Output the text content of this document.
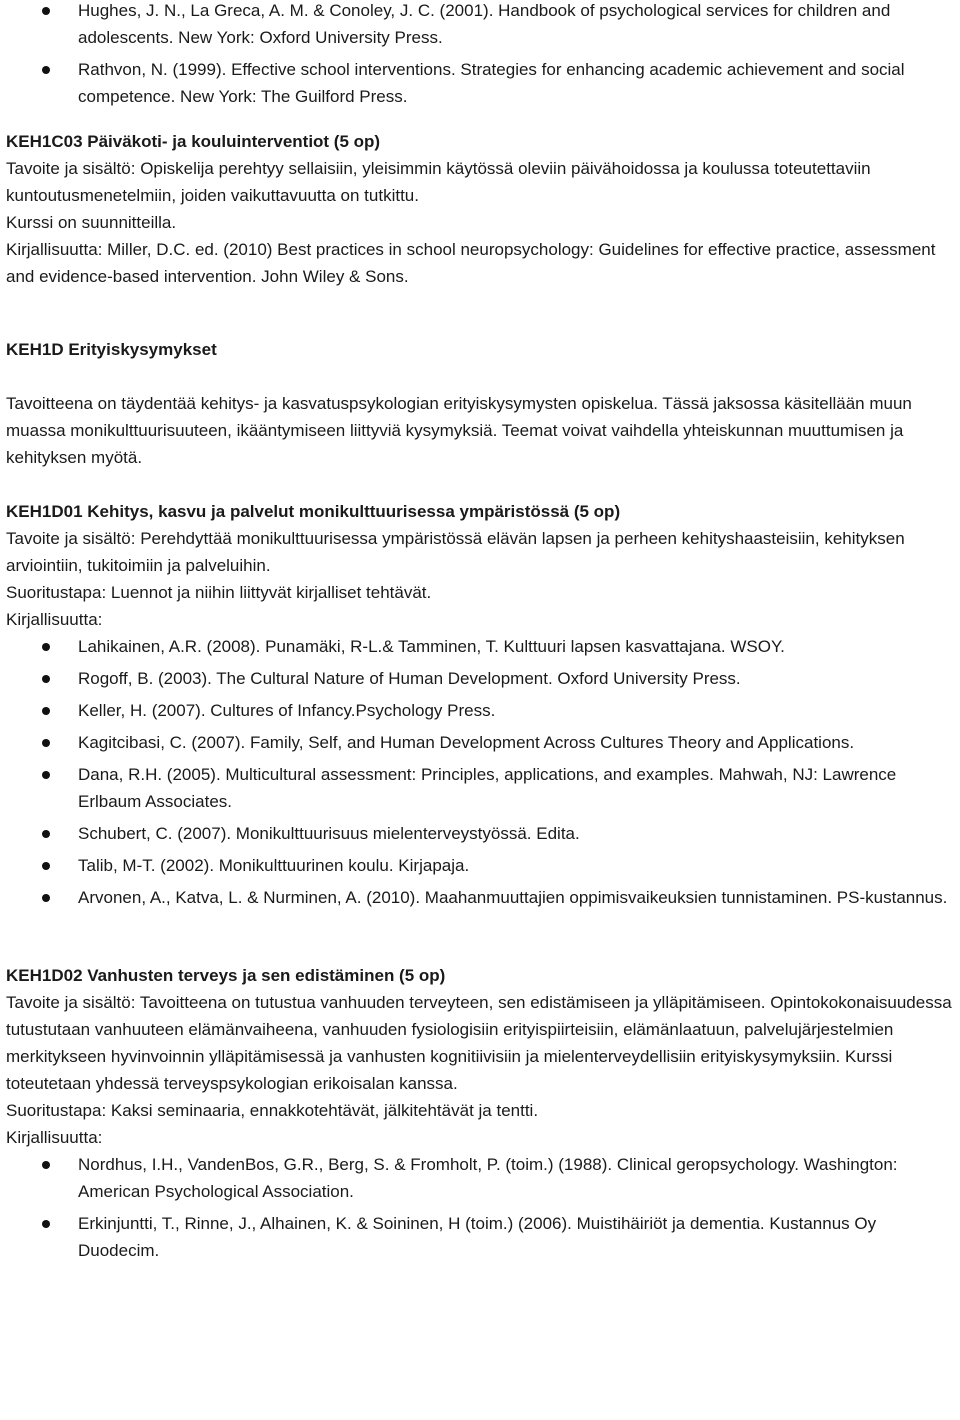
Hughes, J. N., La Greca, A. M. & Conoley, J. C. (2001). Handbook of psychological services for children and adolescents. New York: Oxford University Press.
Rathvon, N. (1999). Effective school interventions. Strategies for enhancing academic achievement and social competence. New York: The Guilford Press.

KEH1C03 Päiväkoti- ja kouluinterventiot (5 op)

Tavoite ja sisältö: Opiskelija perehtyy sellaisiin, yleisimmin käytössä oleviin päivähoidossa ja koulussa toteutettaviin kuntoutusmenetelmiin, joiden vaikuttavuutta on tutkittu.

Kurssi on suunnitteilla.

Kirjallisuutta: Miller, D.C. ed. (2010) Best practices in school neuropsychology: Guidelines for effective practice, assessment and evidence-based intervention. John Wiley & Sons.

KEH1D Erityiskysymykset

Tavoitteena on täydentää kehitys- ja kasvatuspsykologian erityiskysymysten opiskelua. Tässä jaksossa käsitellään muun muassa monikulttuurisuuteen, ikääntymiseen liittyviä kysymyksiä. Teemat voivat vaihdella yhteiskunnan muuttumisen ja kehityksen myötä.

KEH1D01 Kehitys, kasvu ja palvelut monikulttuurisessa ympäristössä (5 op)

Tavoite ja sisältö: Perehdyttää monikulttuurisessa ympäristössä elävän lapsen ja perheen kehityshaasteisiin, kehityksen arviointiin, tukitoimiin ja palveluihin.

Suoritustapa: Luennot ja niihin liittyvät kirjalliset tehtävät.

Kirjallisuutta:

Lahikainen, A.R. (2008). Punamäki, R-L.& Tamminen, T. Kulttuuri lapsen kasvattajana. WSOY.
Rogoff, B. (2003). The Cultural Nature of Human Development. Oxford University Press.
Keller, H. (2007). Cultures of Infancy.Psychology Press.
Kagitcibasi, C. (2007). Family, Self, and Human Development Across Cultures Theory and Applications.
Dana, R.H. (2005). Multicultural assessment: Principles, applications, and examples. Mahwah, NJ: Lawrence Erlbaum Associates.
Schubert, C. (2007). Monikulttuurisuus mielenterveystyössä. Edita.
Talib, M-T. (2002). Monikulttuurinen koulu. Kirjapaja.
Arvonen, A., Katva, L. & Nurminen, A. (2010). Maahanmuuttajien oppimisvaikeuksien tunnistaminen. PS-kustannus.

KEH1D02 Vanhusten terveys ja sen edistäminen (5 op)

Tavoite ja sisältö: Tavoitteena on tutustua vanhuuden terveyteen, sen edistämiseen ja ylläpitämiseen. Opintokokonaisuudessa tutustutaan vanhuuteen elämänvaiheena, vanhuuden fysiologisiin erityispiirteisiin, elämänlaatuun, palvelujärjestelmien merkitykseen hyvinvoinnin ylläpitämisessä ja vanhusten kognitiivisiin ja mielenterveydellisiin erityiskysymyksiin. Kurssi toteutetaan yhdessä terveyspsykologian erikoisalan kanssa.

Suoritustapa: Kaksi seminaaria, ennakkotehtävät, jälkitehtävät ja tentti.

Kirjallisuutta:

Nordhus, I.H., VandenBos, G.R., Berg, S. & Fromholt, P. (toim.) (1988). Clinical geropsychology. Washington: American Psychological Association.
Erkinjuntti, T., Rinne, J., Alhainen, K. & Soininen, H (toim.) (2006). Muistihäiriöt ja dementia. Kustannus Oy Duodecim.
